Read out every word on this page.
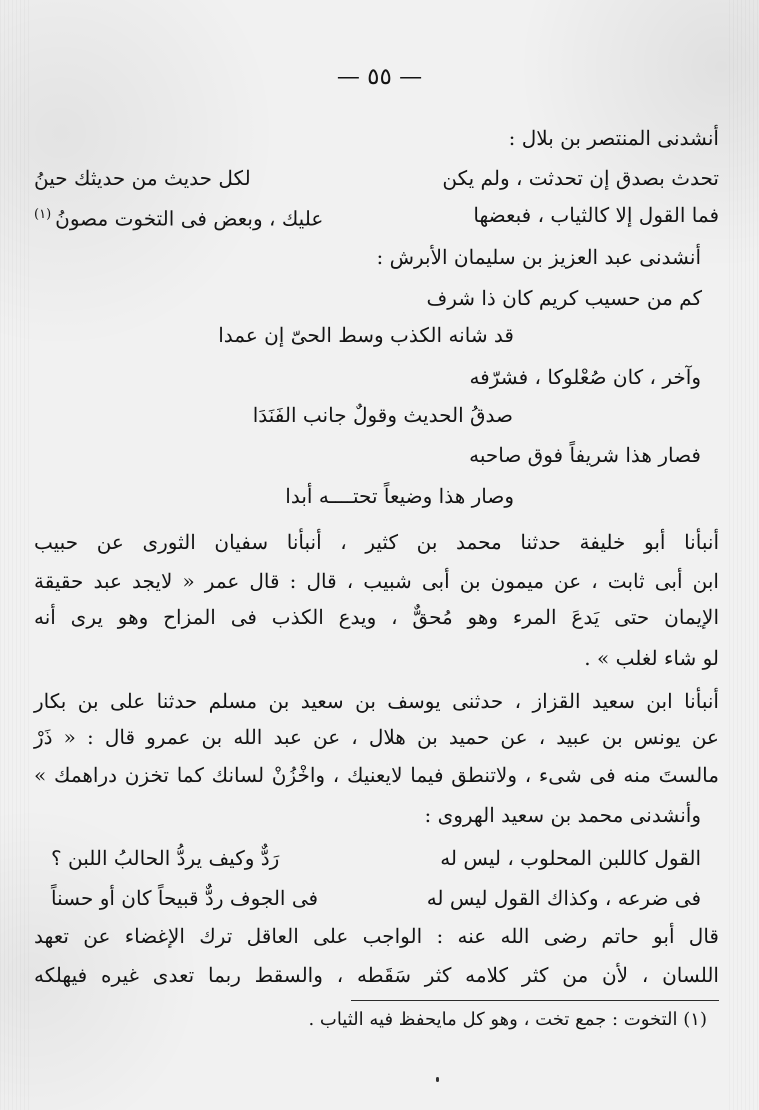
— ٥٥ —
أنشدنى المنتصر بن بلال :
تحدث بصدق إن تحدثت ، ولم يكن
لكل حديث من حديثك حينُ
فما القول إلا كالثياب ، فبعضها
عليك ، وبعض فى التخوت مصونُ$^{(١)}$
أنشدنى عبد العزيز بن سليمان الأبرش :
كم من حسيب كريم كان ذا شرف
قد شانه الكذب وسط الحىّ إن عمدا
وآخر ، كان صُعْلوكا ، فشرّفه
صدقُ الحديث وقولٌ جانب الفَنَدَا
فصار هذا شريفاً فوق صاحبه
وصار هذا وضيعاً تحتــــه أبدا
أنبأنا أبو خليفة حدثنا محمد بن كثير ، أنبأنا سفيان الثورى عن حبيب
ابن أبى ثابت ، عن ميمون بن أبى شبيب ، قال : قال عمر « لايجد عبد حقيقة
الإيمان حتى يَدعَ المرء وهو مُحقٌّ ، ويدع الكذب فى المزاح وهو يرى أنه
لو شاء لغلب » .
أنبأنا ابن سعيد القزاز ، حدثنى يوسف بن سعيد بن مسلم حدثنا على بن بكار
عن يونس بن عبيد ، عن حميد بن هلال ، عن عبد الله بن عمرو قال : « ذَرْ
مالستَ منه فى شىء ، ولاتنطق فيما لايعنيك ، واخْزُنْ لسانك كما تخزن دراهمك »
وأنشدنى محمد بن سعيد الهروى :
القول كاللبن المحلوب ، ليس له
رَدٌّ وكيف يردُّ الحالبُ اللبن ؟
فى ضرعه ، وكذاك القول ليس له
فى الجوف ردٌّ قبيحاً كان أو حسناً
قال أبو حاتم رضى الله عنه : الواجب على العاقل ترك الإغضاء عن تعهد
اللسان ، لأن من كثر كلامه كثر سَقَطه ، والسقط ربما تعدى غيره فيهلكه
(١) التخوت : جمع تخت ، وهو كل مايحفظ فيه الثياب .
